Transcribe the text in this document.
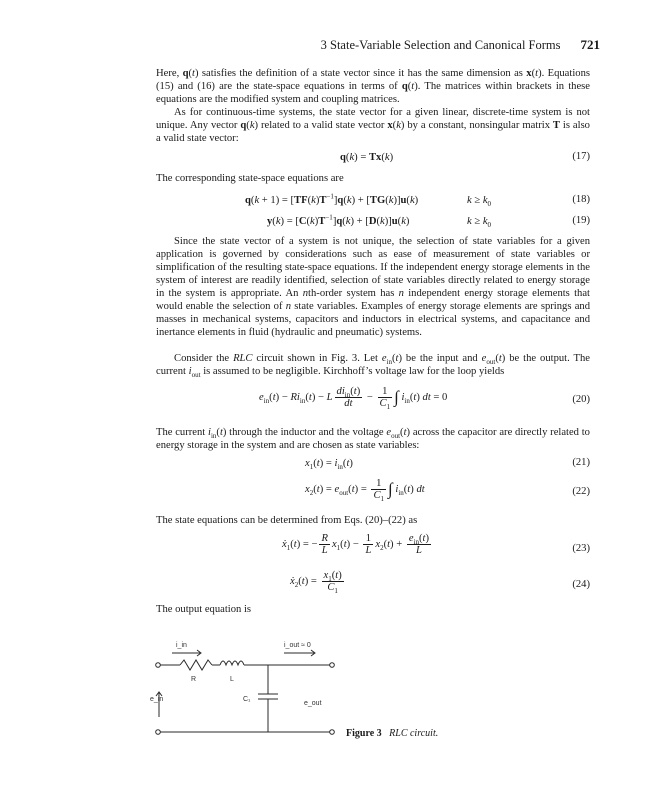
3 State-Variable Selection and Canonical Forms 721

Here, q(t) satisfies the definition of a state vector since it has the same dimension as x(t). Equations (15) and (16) are the state-space equations in terms of q(t). The matrices within brackets in these equations are the modified system and coupling matrices.

As for continuous-time systems, the state vector for a given linear, discrete-time system is not unique. Any vector q(k) related to a valid state vector x(k) by a constant, nonsingular matrix T is also a valid state vector:

q(k) = Tx(k)	(17)
The corresponding state-space equations are
$q(k + 1) = [TF(k)T^{-1}]q(k) + [TG(k)]u(k)$	$k \ge k_0$	(18)
$y(k) = [C(k)T^{-1}]q(k) + [D(k)]u(k)$	$k \ge k_0$	(19)

Since the state vector of a system is not unique, the selection of state variables for a given application is governed by considerations such as ease of measurement of state variables or simplification of the resulting state-space equations. If the independent energy storage elements in the system of interest are readily identified, selection of state variables directly related to energy storage in the system is appropriate. An nth-order system has n independent energy storage elements that would enable the selection of n state variables. Examples of energy storage elements are springs and masses in mechanical systems, capacitors and inductors in electrical systems, and capacitance and inertance elements in fluid (hydraulic and pneumatic) systems.

Consider the RLC circuit shown in Fig. 3. Let $e_{in}(t)$ be the input and $e_{out}(t)$ be the output. The current $i_{out}$ is assumed to be negligible. Kirchhoff’s voltage law for the loop yields

$e_{in}(t) - Ri_{in}(t) - L \frac{di_{in}(t)}{dt} - \frac{1}{C_1}$ ∫ $i_{in}(t)$ dt = 0	(20)

The current $i_{in}(t)$ through the inductor and the voltage $e_{out}(t)$ across the capacitor are directly related to energy storage in the system and are chosen as state variables:

$x_1(t) = i_{in}(t)$	(21)
$x_2(t) = e_{out}(t) = \frac{1}{C_1}$ ∫ $i_{in}(t)$ dt	(22)
The state equations can be determined from Eqs. (20)–(22) as
ẋ$_1$(t) = − $\frac{R}{L} x_1(t) - \frac{1}{L} x_2(t) + \frac{e_{in}(t)}{L}$	(23)
ẋ$_2$(t) = $\frac{x_1(t)}{C_1}$	(24)
The output equation is
i_in	i_out ≈ 0
R	L
C₁
e_in
e_out
Figure 3 RLC circuit.
